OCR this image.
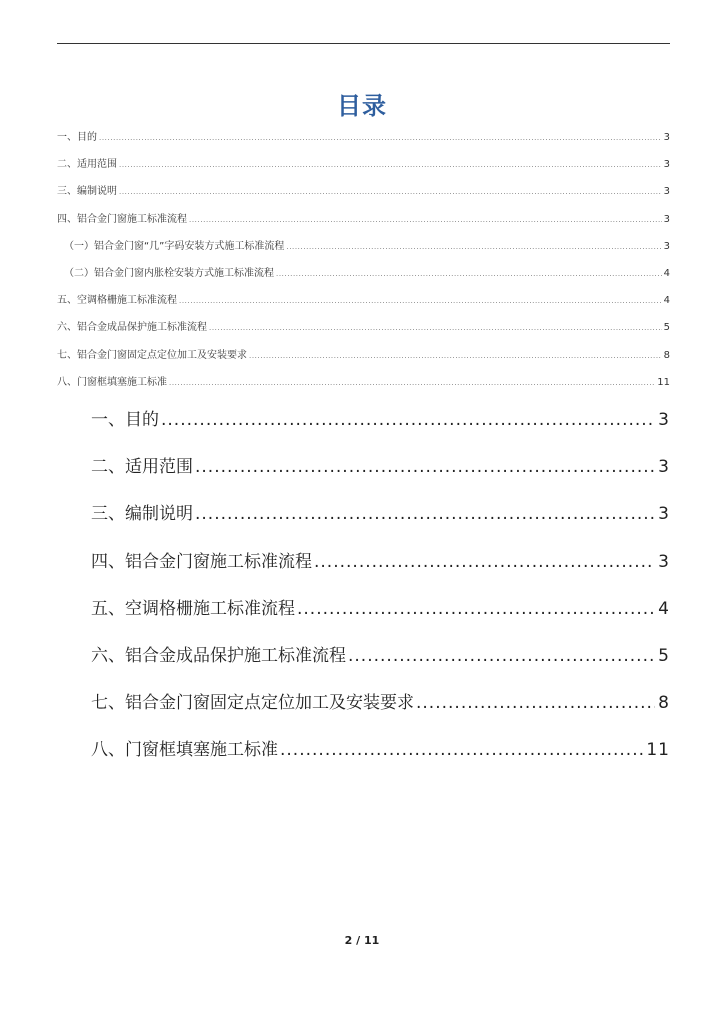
目录
一、目的 .....	3
二、适用范围 .....	3
三、编制说明 .....	3
四、铝合金门窗施工标准流程 .....	3
（一）铝合金门窗“几”字码安装方式施工标准流程 .....	3
（二）铝合金门窗内胀栓安装方式施工标准流程 .....	4
五、空调格栅施工标准流程 .....	4
六、铝合金成品保护施工标准流程 .....	5
七、铝合金门窗固定点定位加工及安装要求 .....	8
八、门窗框填塞施工标准 .....	11
一、目的 .....	3
二、适用范围 .....	3
三、编制说明 .....	3
四、铝合金门窗施工标准流程 .....	3
五、空调格栅施工标准流程 .....	4
六、铝合金成品保护施工标准流程 .....	5
七、铝合金门窗固定点定位加工及安装要求 .....	8
八、门窗框填塞施工标准 .....	11
2 / 11
